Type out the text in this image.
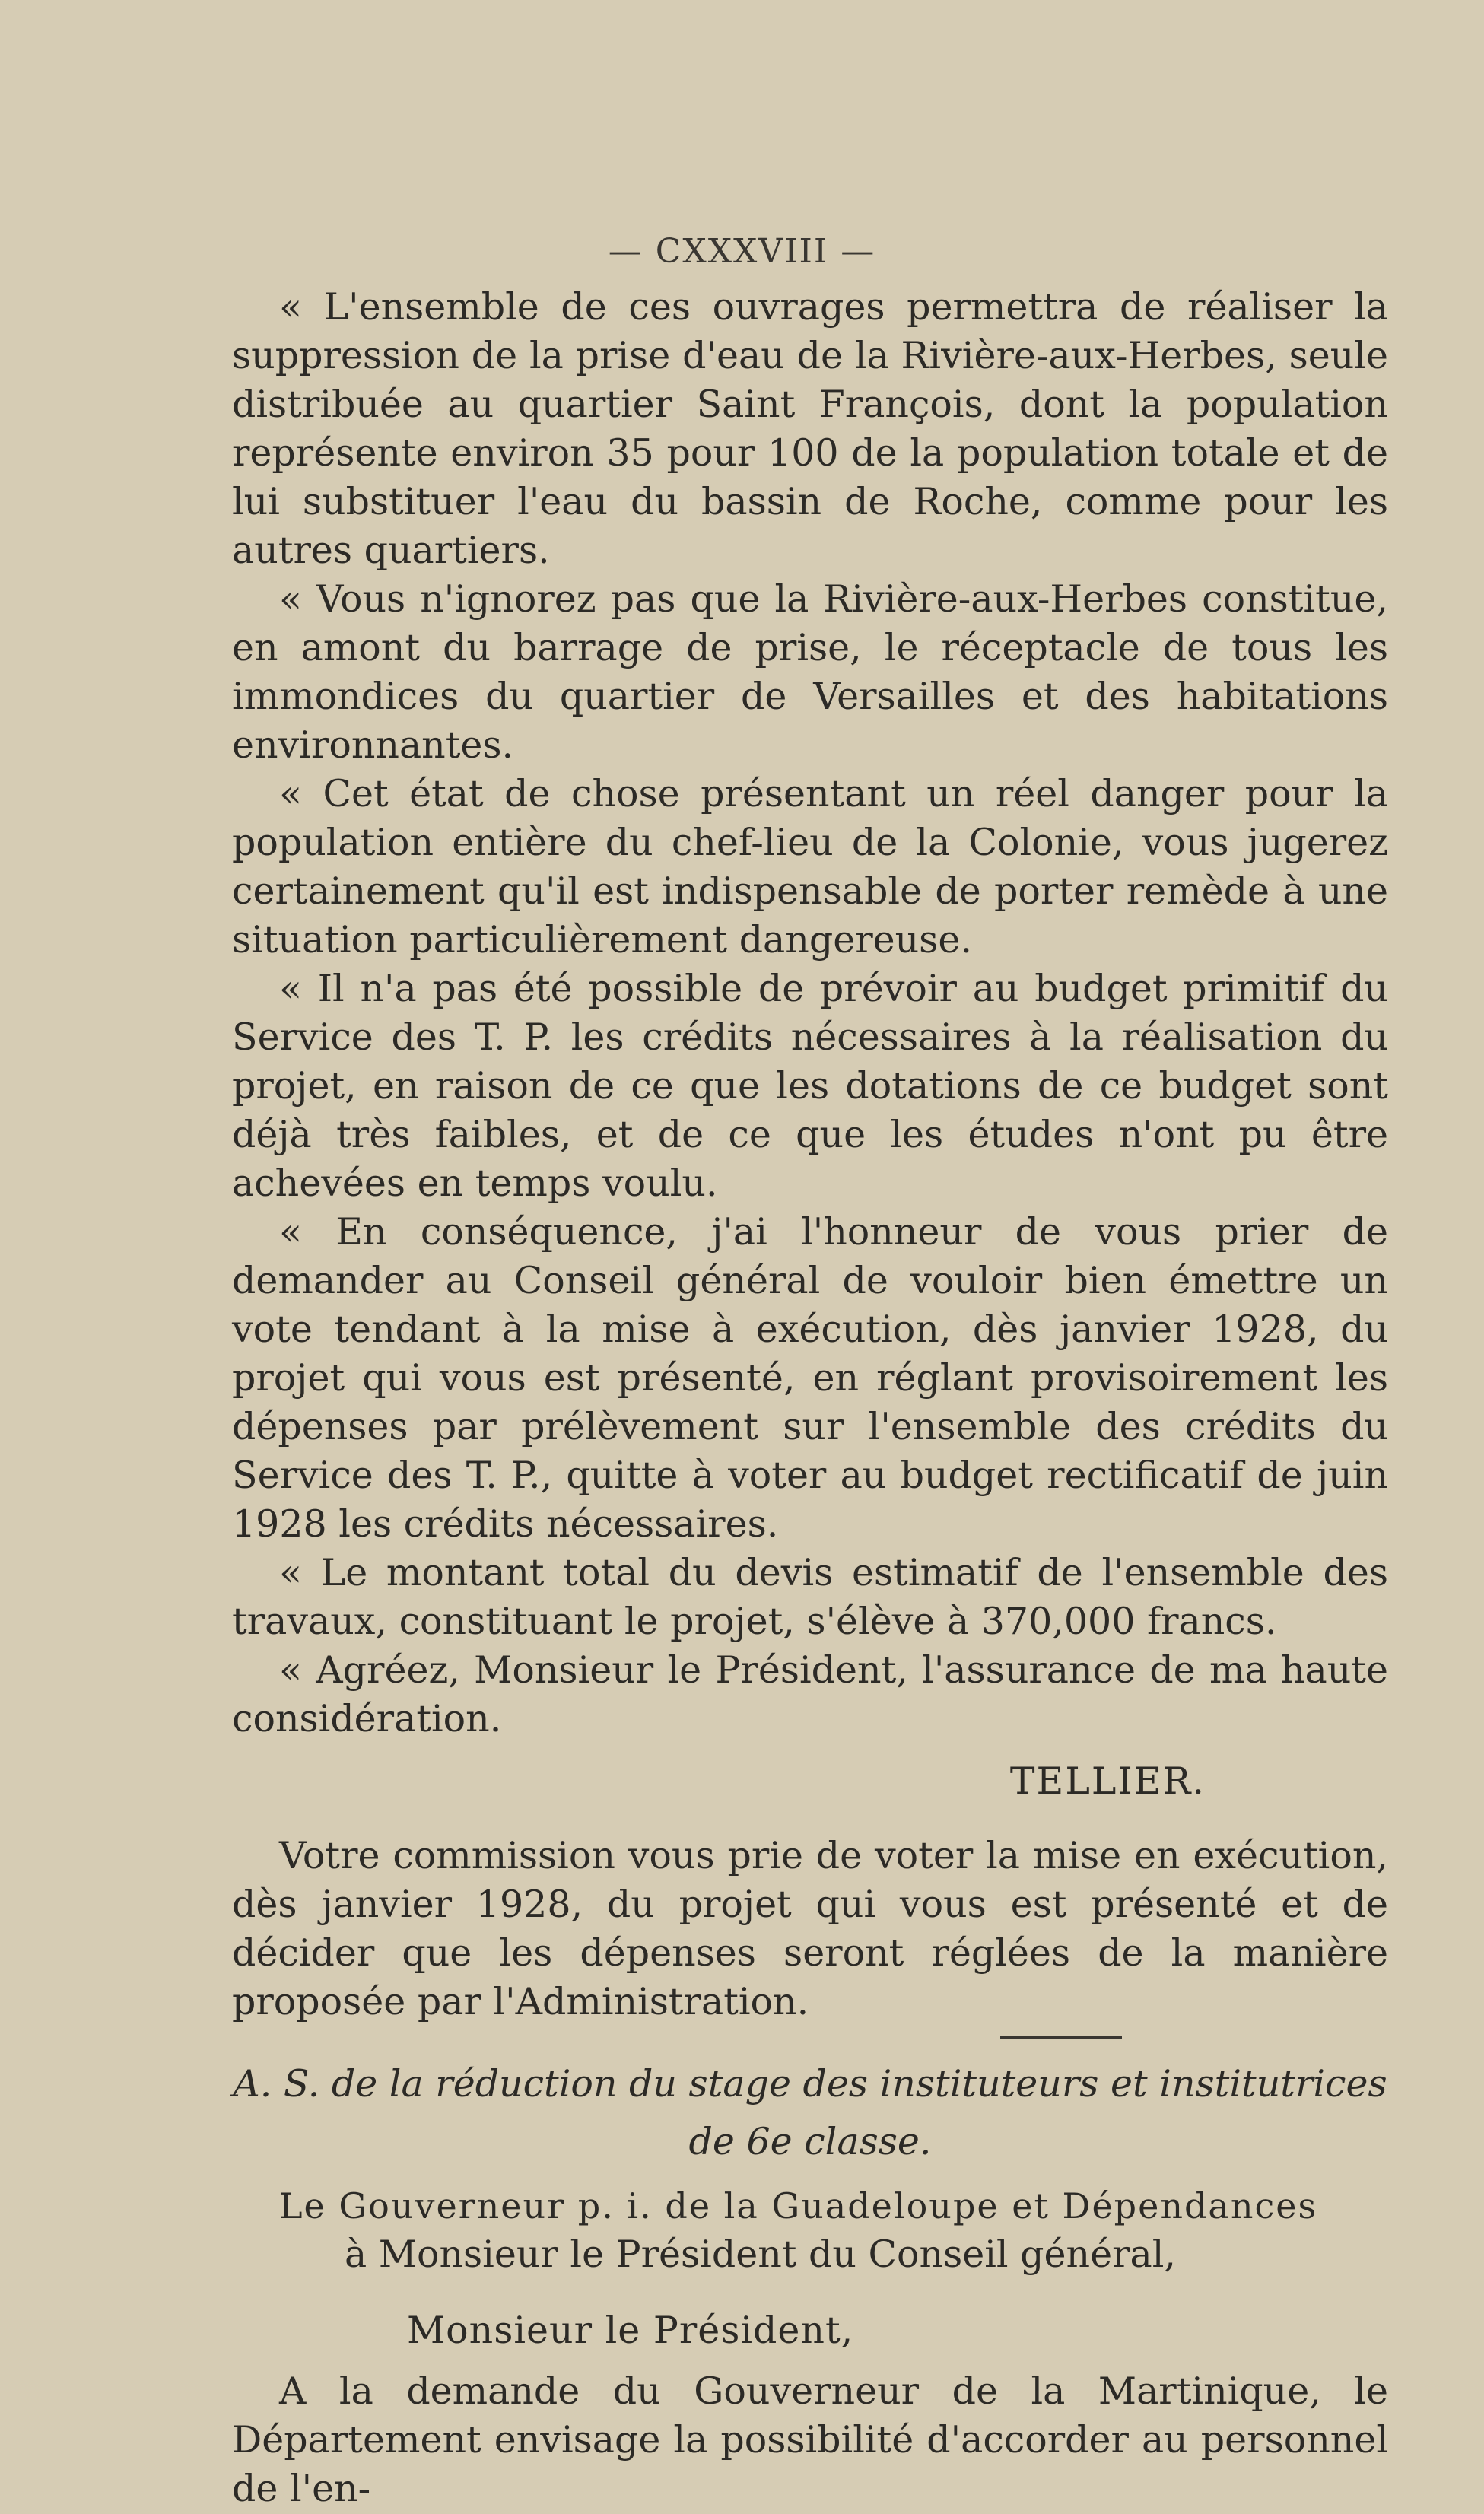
— CXXXVIII —

« L'ensemble de ces ouvrages permettra de réaliser la suppression de la prise d'eau de la Rivière-aux-Herbes, seule distribuée au quartier Saint François, dont la population représente environ 35 pour 100 de la population totale et de lui substituer l'eau du bassin de Roche, comme pour les autres quartiers.

« Vous n'ignorez pas que la Rivière-aux-Herbes constitue, en amont du barrage de prise, le réceptacle de tous les immondices du quartier de Versailles et des habitations environnantes.

« Cet état de chose présentant un réel danger pour la population entière du chef-lieu de la Colonie, vous jugerez certainement qu'il est indispensable de porter remède à une situation particulièrement dangereuse.

« Il n'a pas été possible de prévoir au budget primitif du Service des T. P. les crédits nécessaires à la réalisation du projet, en raison de ce que les dotations de ce budget sont déjà très faibles, et de ce que les études n'ont pu être achevées en temps voulu.

« En conséquence, j'ai l'honneur de vous prier de demander au Conseil général de vouloir bien émettre un vote tendant à la mise à exécution, dès janvier 1928, du projet qui vous est présenté, en réglant provisoirement les dépenses par prélèvement sur l'ensemble des crédits du Service des T. P., quitte à voter au budget rectificatif de juin 1928 les crédits nécessaires.

« Le montant total du devis estimatif de l'ensemble des travaux, constituant le projet, s'élève à 370,000 francs.

« Agréez, Monsieur le Président, l'assurance de ma haute considération.

TELLIER.

Votre commission vous prie de voter la mise en exécution, dès janvier 1928, du projet qui vous est présenté et de décider que les dépenses seront réglées de la manière proposée par l'Administration.

A. S. de la réduction du stage des instituteurs et institutrices

de 6e classe.

Le Gouverneur p. i. de la Guadeloupe et Dépendances

à Monsieur le Président du Conseil général,

Monsieur le Président,

A la demande du Gouverneur de la Martinique, le Département envisage la possibilité d'accorder au personnel de l'en-
